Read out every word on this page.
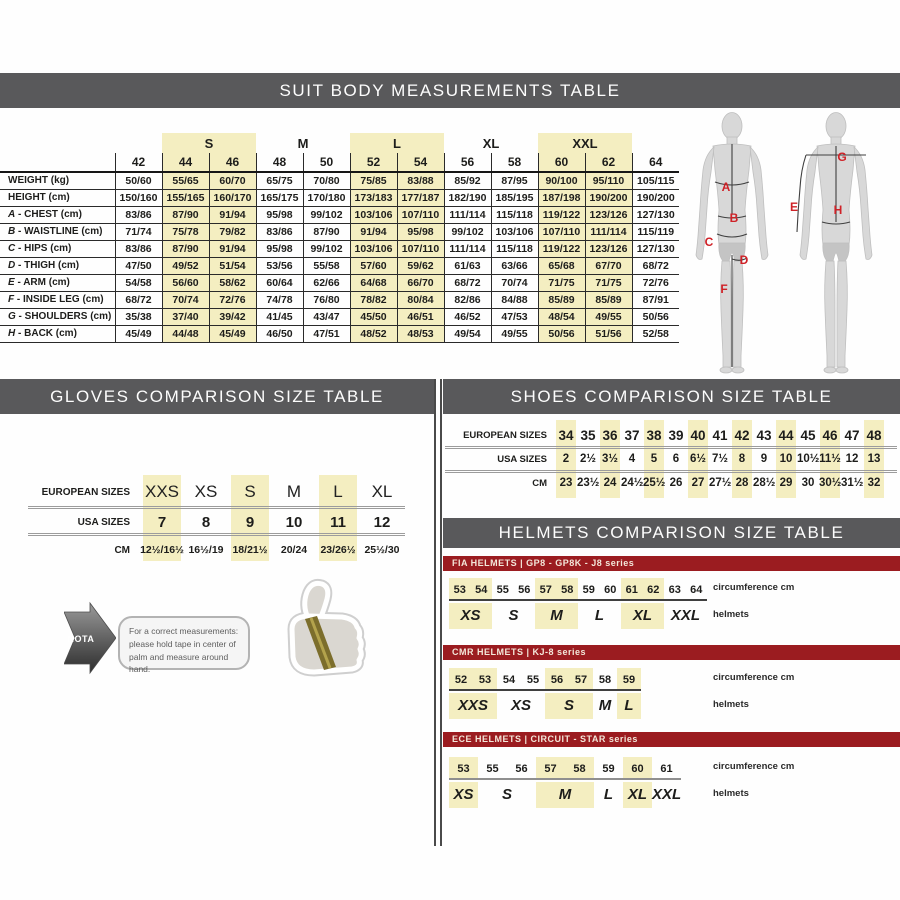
SUIT BODY MEASUREMENTS TABLE
		S		M		L		XL		XXL		
	42	44	46	48	50	52	54	56	58	60	62	64
WEIGHT (kg)	50/60	55/65	60/70	65/75	70/80	75/85	83/88	85/92	87/95	90/100	95/110	105/115
HEIGHT (cm)	150/160	155/165	160/170	165/175	170/180	173/183	177/187	182/190	185/195	187/198	190/200	190/200
A - CHEST (cm)	83/86	87/90	91/94	95/98	99/102	103/106	107/110	111/114	115/118	119/122	123/126	127/130
B - WAISTLINE (cm)	71/74	75/78	79/82	83/86	87/90	91/94	95/98	99/102	103/106	107/110	111/114	115/119
C - HIPS (cm)	83/86	87/90	91/94	95/98	99/102	103/106	107/110	111/114	115/118	119/122	123/126	127/130
D - THIGH (cm)	47/50	49/52	51/54	53/56	55/58	57/60	59/62	61/63	63/66	65/68	67/70	68/72
E - ARM (cm)	54/58	56/60	58/62	60/64	62/66	64/68	66/70	68/72	70/74	71/75	71/75	72/76
F - INSIDE LEG (cm)	68/72	70/74	72/76	74/78	76/80	78/82	80/84	82/86	84/88	85/89	85/89	87/91
G - SHOULDERS (cm)	35/38	37/40	39/42	41/45	43/47	45/50	46/51	46/52	47/53	48/54	49/55	50/56
H - BACK (cm)	45/49	44/48	45/49	46/50	47/51	48/52	48/53	49/54	49/55	50/56	51/56	52/58
A
B
C
D
F
G
E	H
GLOVES COMPARISON SIZE TABLE
EUROPEAN SIZES XXS XS	S	M	L	XL
USA SIZES	7	8	9	10	11	12
CM 12½/16½ 16½/19 18/21½	20/24	23/26½ 25½/30
NOTA
For a correct measurements: please hold tape in center of palm and measure around hand.
SHOES COMPARISON SIZE TABLE
EUROPEAN SIZES 34 35 36 37 38 39 40 41 42 43 44 45 46 47 48
USA SIZES	2 2½ 3½ 4	5	6 6½ 7½ 8	9	10 10½ 11½ 12 13
CM	23 23½ 24 24½ 25½ 26 27 27½ 28 28½ 29 30 30½ 31½ 32
HELMETS COMPARISON SIZE TABLE
FIA HELMETS | GP8 - GP8K - J8 series
53 54 55 56 57 58 59 60 61 62 63 64
XS	S	M	L	XL	XXL
circumference cm
helmets
CMR HELMETS | KJ-8 series
52	53	54	55	56	57	58	59
XXS	XS	S	M L
circumference cm
helmets
ECE HELMETS | CIRCUIT - STAR series
53	55	56	57	58	59	60	61
XS	S	M	L XL XXL
circumference cm
helmets
